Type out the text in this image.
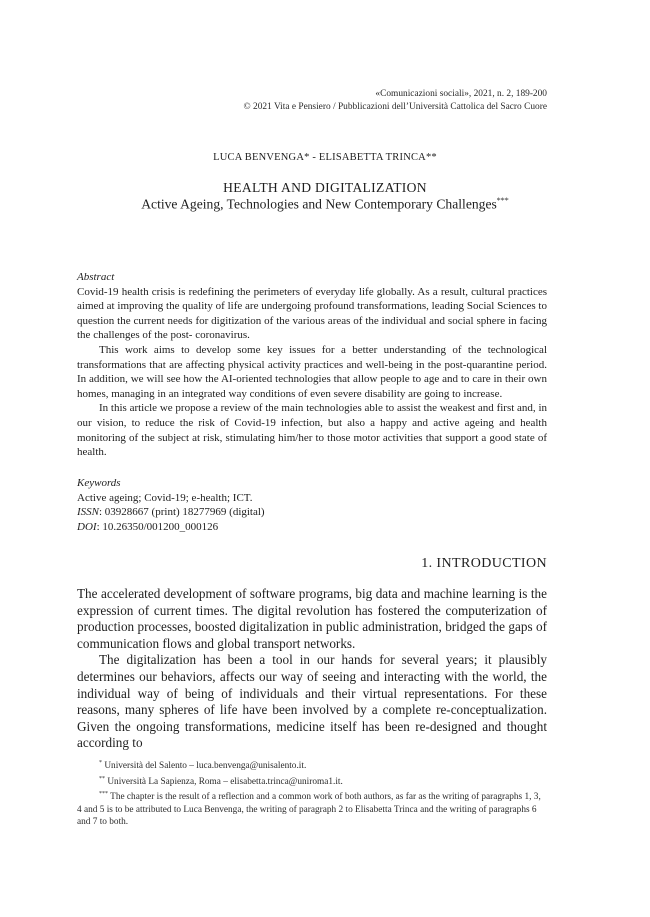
«Comunicazioni sociali», 2021, n. 2, 189-200
© 2021 Vita e Pensiero / Pubblicazioni dell’Università Cattolica del Sacro Cuore
LUCA BENVENGA* - ELISABETTA TRINCA**
HEALTH AND DIGITALIZATION
Active Ageing, Technologies and New Contemporary Challenges***
Abstract

Covid-19 health crisis is redefining the perimeters of everyday life globally. As a result, cultural practices aimed at improving the quality of life are undergoing profound transformations, leading Social Sciences to question the current needs for digitization of the various areas of the individual and social sphere in facing the challenges of the post- coronavirus.

This work aims to develop some key issues for a better understanding of the technological transformations that are affecting physical activity practices and well-being in the post-quarantine period. In addition, we will see how the AI-oriented technologies that allow people to age and to care in their own homes, managing in an integrated way conditions of even severe disability are going to increase.

In this article we propose a review of the main technologies able to assist the weakest and first and, in our vision, to reduce the risk of Covid-19 infection, but also a happy and active ageing and health monitoring of the subject at risk, stimulating him/her to those motor activities that support a good state of health.

Keywords
Active ageing; Covid-19; e-health; ICT.
ISSN: 03928667 (print) 18277969 (digital)
DOI: 10.26350/001200_000126
1. INTRODUCTION

The accelerated development of software programs, big data and machine learning is the expression of current times. The digital revolution has fostered the computerization of production processes, boosted digitalization in public administration, bridged the gaps of communication flows and global transport networks.

The digitalization has been a tool in our hands for several years; it plausibly determines our behaviors, affects our way of seeing and interacting with the world, the individual way of being of individuals and their virtual representations. For these reasons, many spheres of life have been involved by a complete re-conceptualization. Given the ongoing transformations, medicine itself has been re-designed and thought according to

* Università del Salento – luca.benvenga@unisalento.it.

** Università La Sapienza, Roma – elisabetta.trinca@uniroma1.it.

*** The chapter is the result of a reflection and a common work of both authors, as far as the writing of paragraphs 1, 3, 4 and 5 is to be attributed to Luca Benvenga, the writing of paragraph 2 to Elisabetta Trinca and the writing of paragraphs 6 and 7 to both.
